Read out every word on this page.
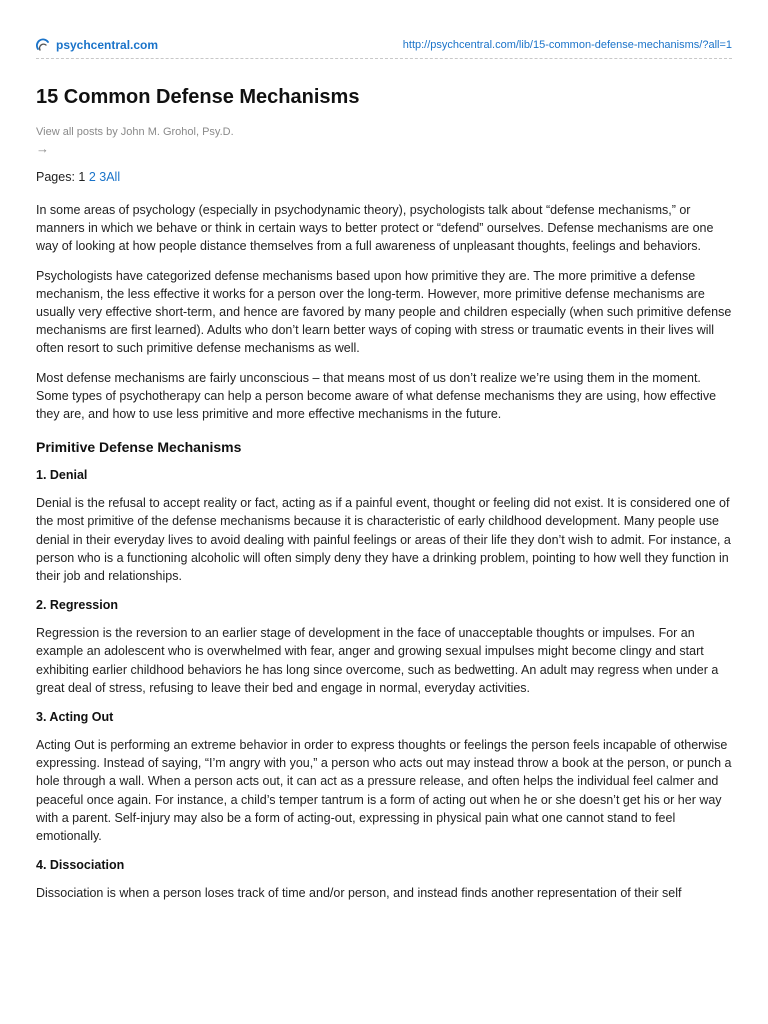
psychcentral.com	http://psychcentral.com/lib/15-common-defense-mechanisms/?all=1
15 Common Defense Mechanisms
View all posts by John M. Grohol, Psy.D.
→
Pages: 1 2 3All

In some areas of psychology (especially in psychodynamic theory), psychologists talk about “defense mechanisms,” or manners in which we behave or think in certain ways to better protect or “defend” ourselves. Defense mechanisms are one way of looking at how people distance themselves from a full awareness of unpleasant thoughts, feelings and behaviors.

Psychologists have categorized defense mechanisms based upon how primitive they are. The more primitive a defense mechanism, the less effective it works for a person over the long-term. However, more primitive defense mechanisms are usually very effective short-term, and hence are favored by many people and children especially (when such primitive defense mechanisms are first learned). Adults who don’t learn better ways of coping with stress or traumatic events in their lives will often resort to such primitive defense mechanisms as well.

Most defense mechanisms are fairly unconscious – that means most of us don’t realize we’re using them in the moment. Some types of psychotherapy can help a person become aware of what defense mechanisms they are using, how effective they are, and how to use less primitive and more effective mechanisms in the future.

Primitive Defense Mechanisms
1. Denial

Denial is the refusal to accept reality or fact, acting as if a painful event, thought or feeling did not exist. It is considered one of the most primitive of the defense mechanisms because it is characteristic of early childhood development. Many people use denial in their everyday lives to avoid dealing with painful feelings or areas of their life they don’t wish to admit. For instance, a person who is a functioning alcoholic will often simply deny they have a drinking problem, pointing to how well they function in their job and relationships.

2. Regression

Regression is the reversion to an earlier stage of development in the face of unacceptable thoughts or impulses. For an example an adolescent who is overwhelmed with fear, anger and growing sexual impulses might become clingy and start exhibiting earlier childhood behaviors he has long since overcome, such as bedwetting. An adult may regress when under a great deal of stress, refusing to leave their bed and engage in normal, everyday activities.

3. Acting Out

Acting Out is performing an extreme behavior in order to express thoughts or feelings the person feels incapable of otherwise expressing. Instead of saying, “I’m angry with you,” a person who acts out may instead throw a book at the person, or punch a hole through a wall. When a person acts out, it can act as a pressure release, and often helps the individual feel calmer and peaceful once again. For instance, a child’s temper tantrum is a form of acting out when he or she doesn’t get his or her way with a parent. Self-injury may also be a form of acting-out, expressing in physical pain what one cannot stand to feel emotionally.

4. Dissociation

Dissociation is when a person loses track of time and/or person, and instead finds another representation of their self
